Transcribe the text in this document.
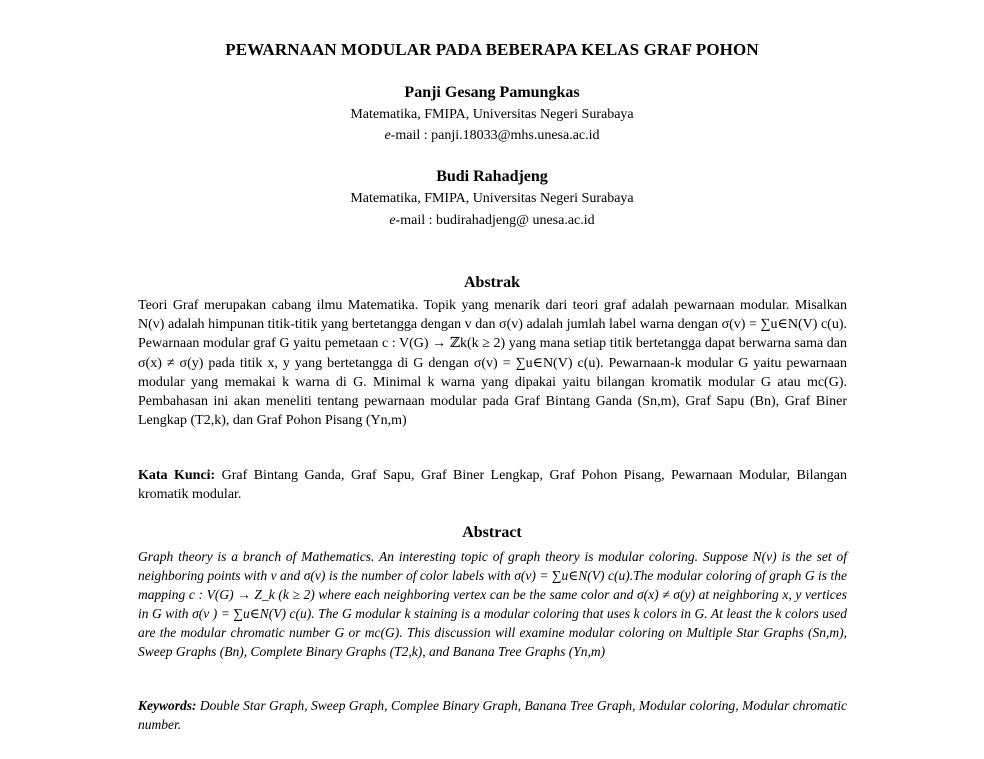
PEWARNAAN MODULAR PADA BEBERAPA KELAS GRAF POHON
Panji Gesang Pamungkas
Matematika, FMIPA, Universitas Negeri Surabaya
e-mail : panji.18033@mhs.unesa.ac.id
Budi Rahadjeng
Matematika, FMIPA, Universitas Negeri Surabaya
e-mail : budirahadjeng@ unesa.ac.id
Abstrak
Teori Graf merupakan cabang ilmu Matematika. Topik yang menarik dari teori graf adalah pewarnaan modular. Misalkan N(v) adalah himpunan titik-titik yang bertetangga dengan v dan σ(v) adalah jumlah label warna dengan σ(v) = ∑u∈N(V) c(u). Pewarnaan modular graf G yaitu pemetaan c : V(G) → ℤk(k ≥ 2) yang mana setiap titik bertetangga dapat berwarna sama dan σ(x) ≠ σ(y) pada titik x, y yang bertetangga di G dengan σ(v) = ∑u∈N(V) c(u). Pewarnaan-k modular G yaitu pewarnaan modular yang memakai k warna di G. Minimal k warna yang dipakai yaitu bilangan kromatik modular G atau mc(G). Pembahasan ini akan meneliti tentang pewarnaan modular pada Graf Bintang Ganda (Sn,m), Graf Sapu (Bn), Graf Biner Lengkap (T2,k), dan Graf Pohon Pisang (Yn,m)
Kata Kunci: Graf Bintang Ganda, Graf Sapu, Graf Biner Lengkap, Graf Pohon Pisang, Pewarnaan Modular, Bilangan kromatik modular.
Abstract
Graph theory is a branch of Mathematics. An interesting topic of graph theory is modular coloring. Suppose N(v) is the set of neighboring points with v and σ(v) is the number of color labels with σ(v) = ∑u∈N(V) c(u).The modular coloring of graph G is the mapping c : V(G) → Z_k (k ≥ 2) where each neighboring vertex can be the same color and σ(x) ≠ σ(y) at neighboring x, y vertices in G with σ(v ) = ∑u∈N(V) c(u). The G modular k staining is a modular coloring that uses k colors in G. At least the k colors used are the modular chromatic number G or mc(G). This discussion will examine modular coloring on Multiple Star Graphs (Sn,m), Sweep Graphs (Bn), Complete Binary Graphs (T2,k), and Banana Tree Graphs (Yn,m)
Keywords: Double Star Graph, Sweep Graph, Complee Binary Graph, Banana Tree Graph, Modular coloring, Modular chromatic number.
